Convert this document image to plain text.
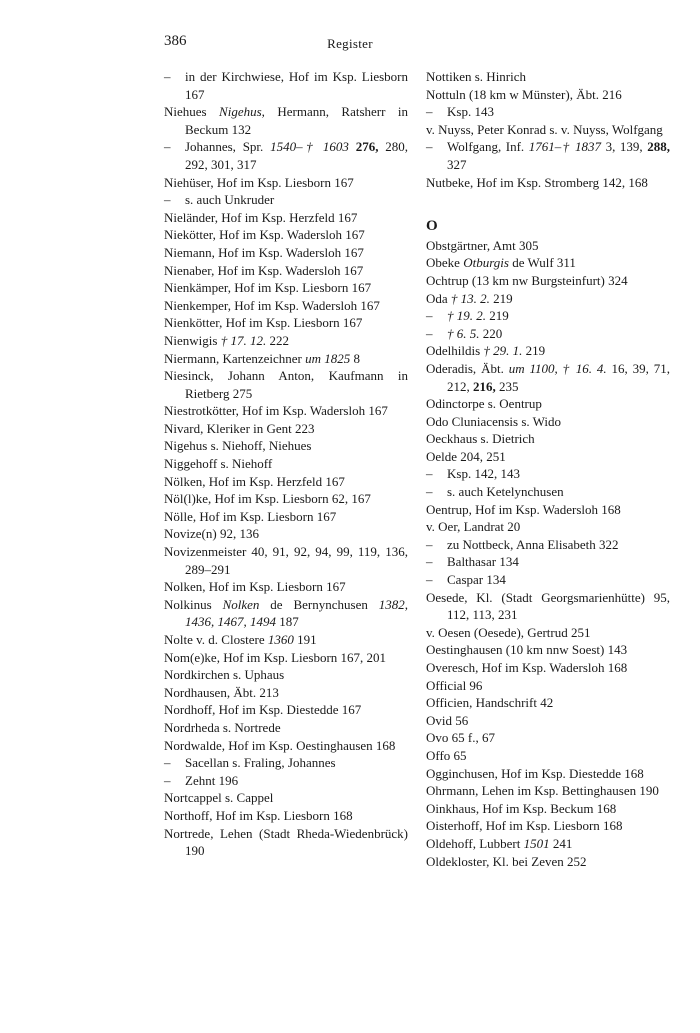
386	Register
– in der Kirchwiese, Hof im Ksp. Liesborn 167
Niehues Nigehus, Hermann, Ratsherr in Beckum 132
– Johannes, Spr. 1540–† 1603 276, 280, 292, 301, 317
Niehüser, Hof im Ksp. Liesborn 167
– s. auch Unkruder
Nieländer, Hof im Ksp. Herzfeld 167
Niekötter, Hof im Ksp. Wadersloh 167
Niemann, Hof im Ksp. Wadersloh 167
Nienaber, Hof im Ksp. Wadersloh 167
Nienkämper, Hof im Ksp. Liesborn 167
Nienkemper, Hof im Ksp. Wadersloh 167
Nienkötter, Hof im Ksp. Liesborn 167
Nienwigis † 17. 12. 222
Niermann, Kartenzeichner um 1825 8
Niesinck, Johann Anton, Kaufmann in Rietberg 275
Niestrotkötter, Hof im Ksp. Wadersloh 167
Nivard, Kleriker in Gent 223
Nigehus s. Niehoff, Niehues
Niggehoff s. Niehoff
Nölken, Hof im Ksp. Herzfeld 167
Nöl(l)ke, Hof im Ksp. Liesborn 62, 167
Nölle, Hof im Ksp. Liesborn 167
Novize(n) 92, 136
Novizenmeister 40, 91, 92, 94, 99, 119, 136, 289–291
Nolken, Hof im Ksp. Liesborn 167
Nolkinus Nolken de Bernynchusen 1382, 1436, 1467, 1494 187
Nolte v. d. Clostere 1360 191
Nom(e)ke, Hof im Ksp. Liesborn 167, 201
Nordkirchen s. Uphaus
Nordhausen, Äbt. 213
Nordhoff, Hof im Ksp. Diestedde 167
Nordrheda s. Nortrede
Nordwalde, Hof im Ksp. Oestinghausen 168
– Sacellan s. Fraling, Johannes
– Zehnt 196
Nortcappel s. Cappel
Northoff, Hof im Ksp. Liesborn 168
Nortrede, Lehen (Stadt Rheda-Wiedenbrück) 190
Nottiken s. Hinrich
Nottuln (18 km w Münster), Äbt. 216
– Ksp. 143
v. Nuyss, Peter Konrad s. v. Nuyss, Wolfgang
– Wolfgang, Inf. 1761–† 1837 3, 139, 288, 327
Nutbeke, Hof im Ksp. Stromberg 142, 168
O
Obstgärtner, Amt 305
Obeke Otburgis de Wulf 311
Ochtrup (13 km nw Burgsteinfurt) 324
Oda † 13. 2. 219
– † 19. 2. 219
– † 6. 5. 220
Odelhildis † 29. 1. 219
Oderadis, Äbt. um 1100, † 16. 4. 16, 39, 71, 212, 216, 235
Odinctorpe s. Oentrup
Odo Cluniacensis s. Wido
Oeckhaus s. Dietrich
Oelde 204, 251
– Ksp. 142, 143
– s. auch Ketelynchusen
Oentrup, Hof im Ksp. Wadersloh 168
v. Oer, Landrat 20
– zu Nottbeck, Anna Elisabeth 322
– Balthasar 134
– Caspar 134
Oesede, Kl. (Stadt Georgsmarienhütte) 95, 112, 113, 231
v. Oesen (Oesede), Gertrud 251
Oestinghausen (10 km nnw Soest) 143
Overesch, Hof im Ksp. Wadersloh 168
Official 96
Officien, Handschrift 42
Ovid 56
Ovo 65 f., 67
Offo 65
Ogginchusen, Hof im Ksp. Diestedde 168
Ohrmann, Lehen im Ksp. Bettinghausen 190
Oinkhaus, Hof im Ksp. Beckum 168
Oisterhoff, Hof im Ksp. Liesborn 168
Oldehoff, Lubbert 1501 241
Oldekloster, Kl. bei Zeven 252
